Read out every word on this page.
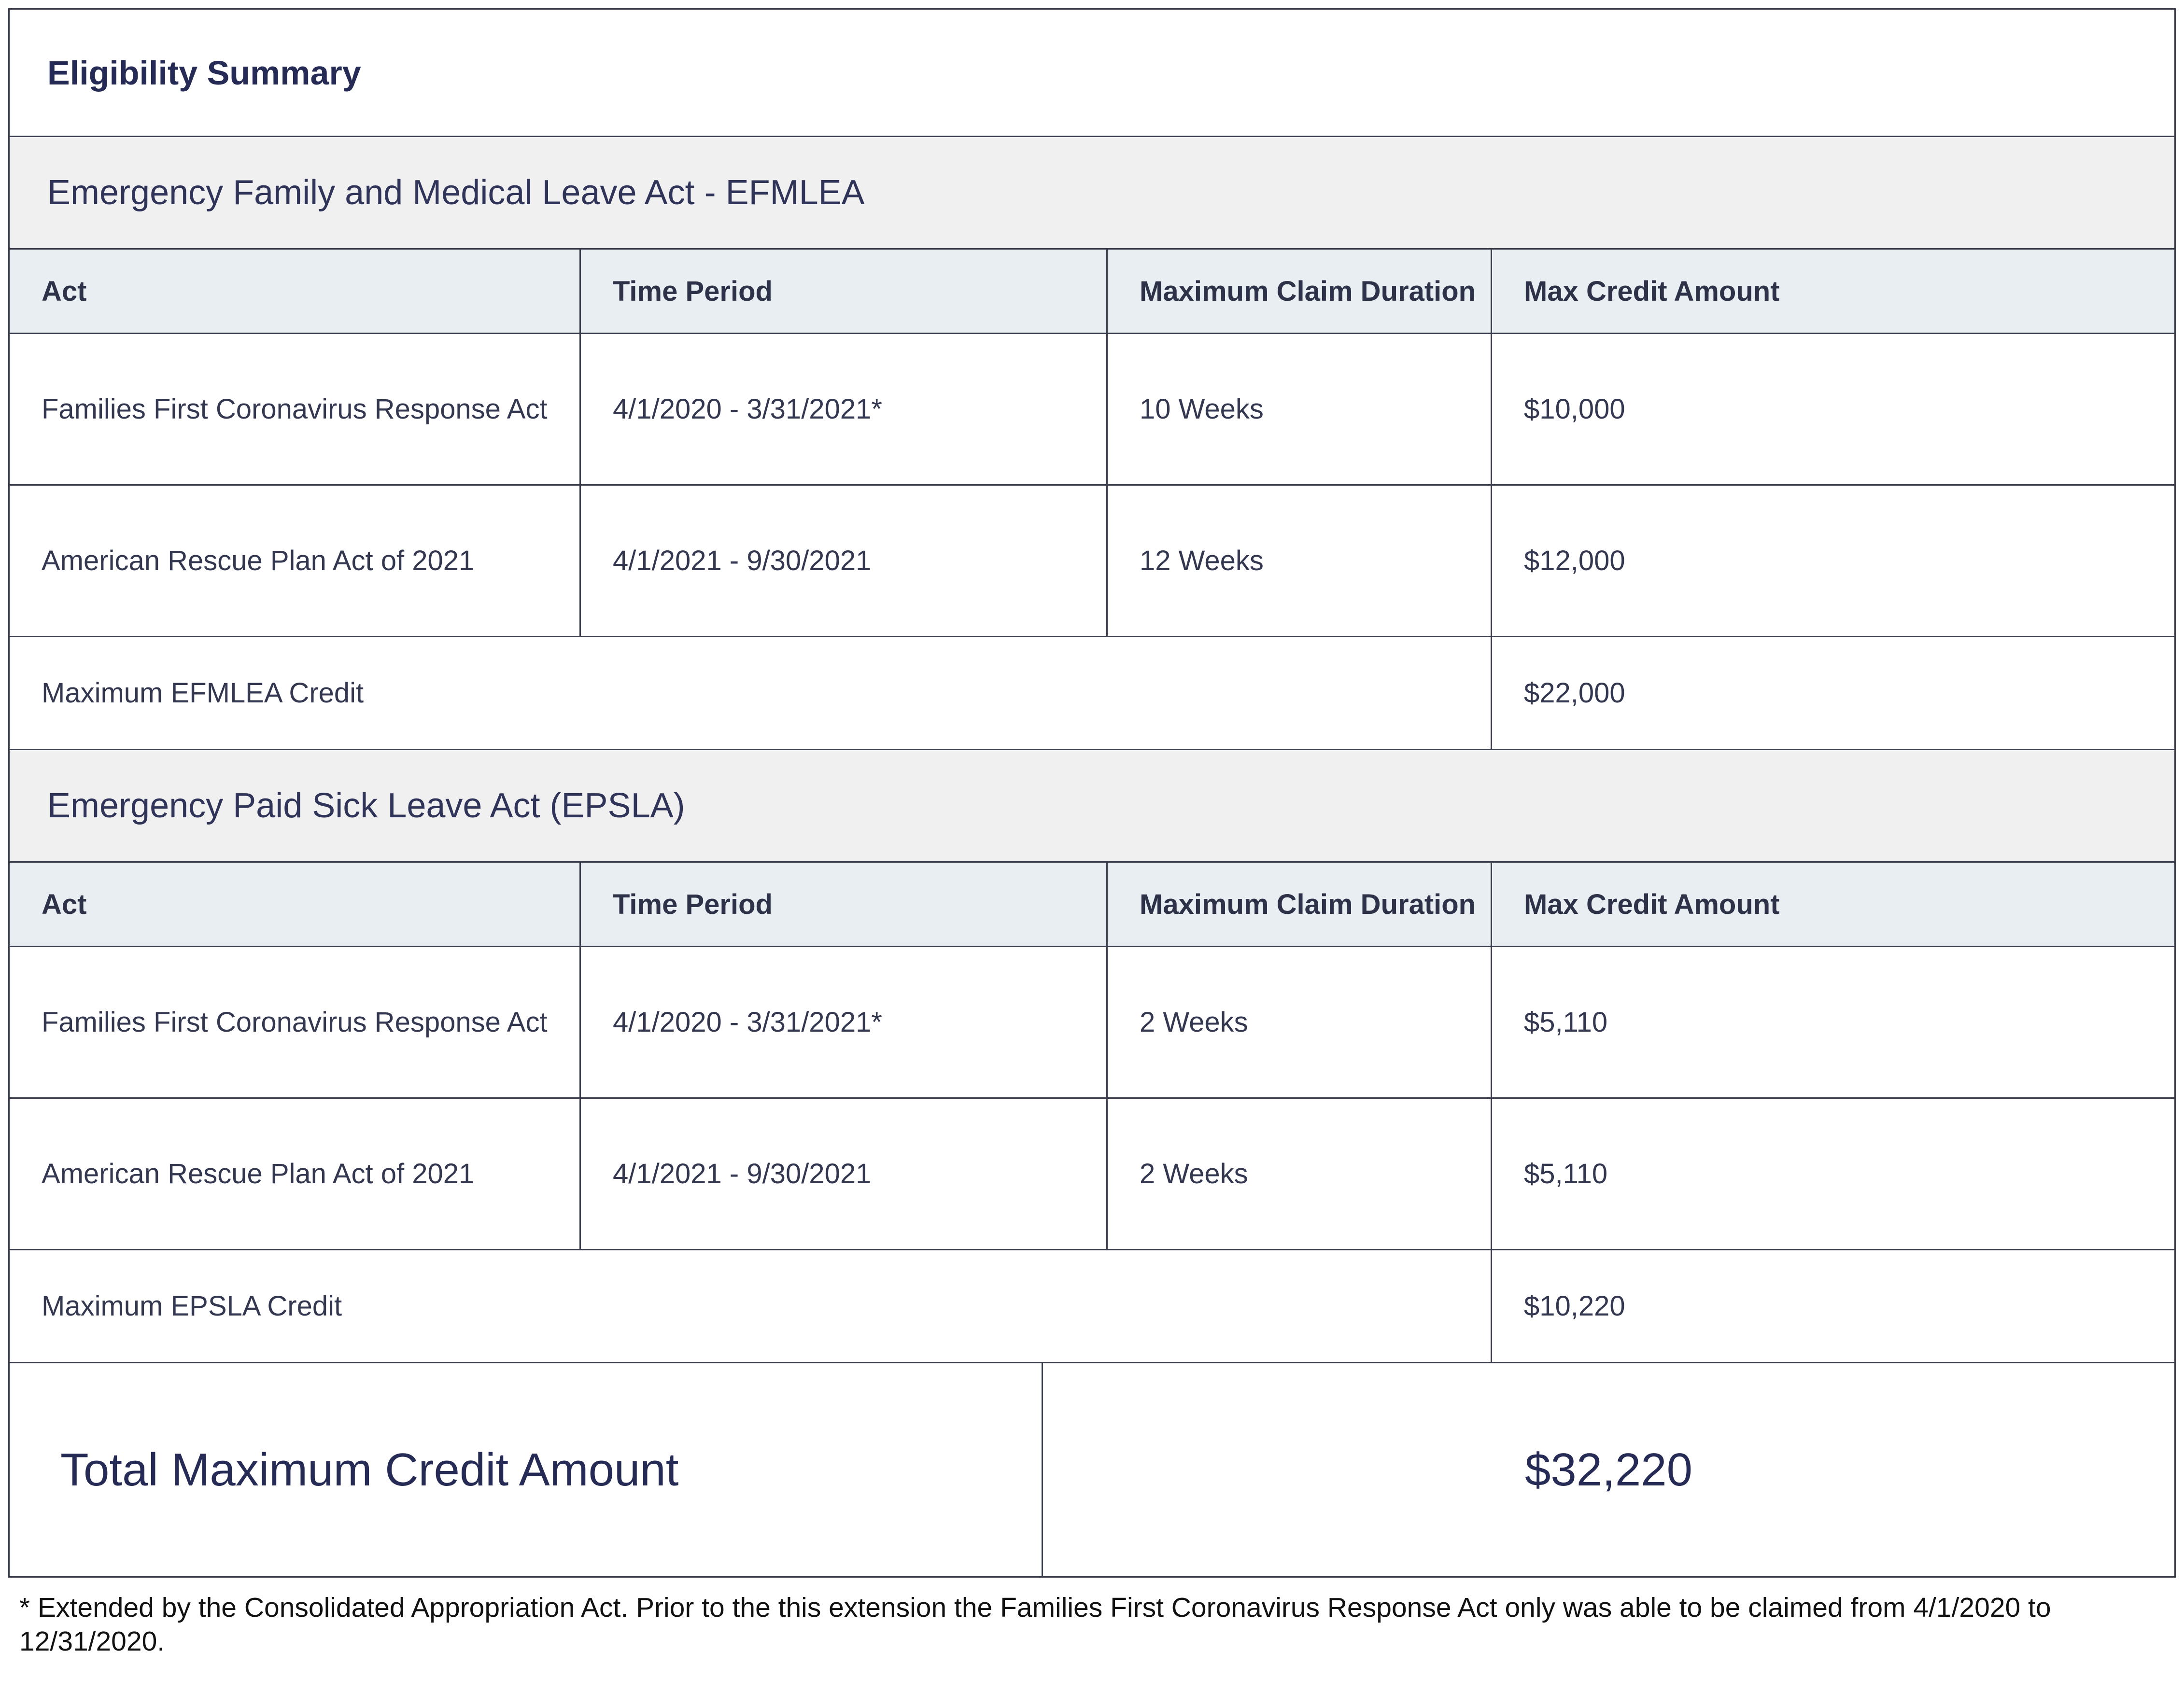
Eligibility Summary
Emergency Family and Medical Leave Act - EFMLEA
Act	Time Period	Maximum Claim Duration	Max Credit Amount
Families First Coronavirus Response Act	4/1/2020 - 3/31/2021*	10 Weeks	$10,000
American Rescue Plan Act of 2021	4/1/2021 - 9/30/2021	12 Weeks	$12,000
Maximum EFMLEA Credit	$22,000
Emergency Paid Sick Leave Act (EPSLA)
Act	Time Period	Maximum Claim Duration	Max Credit Amount
Families First Coronavirus Response Act	4/1/2020 - 3/31/2021*	2 Weeks	$5,110
American Rescue Plan Act of 2021	4/1/2021 - 9/30/2021	2 Weeks	$5,110
Maximum EPSLA Credit	$10,220
Total Maximum Credit Amount	$32,220
* Extended by the Consolidated Appropriation Act. Prior to the this extension the Families First Coronavirus Response Act only was able to be claimed from 4/1/2020 to 12/31/2020.
